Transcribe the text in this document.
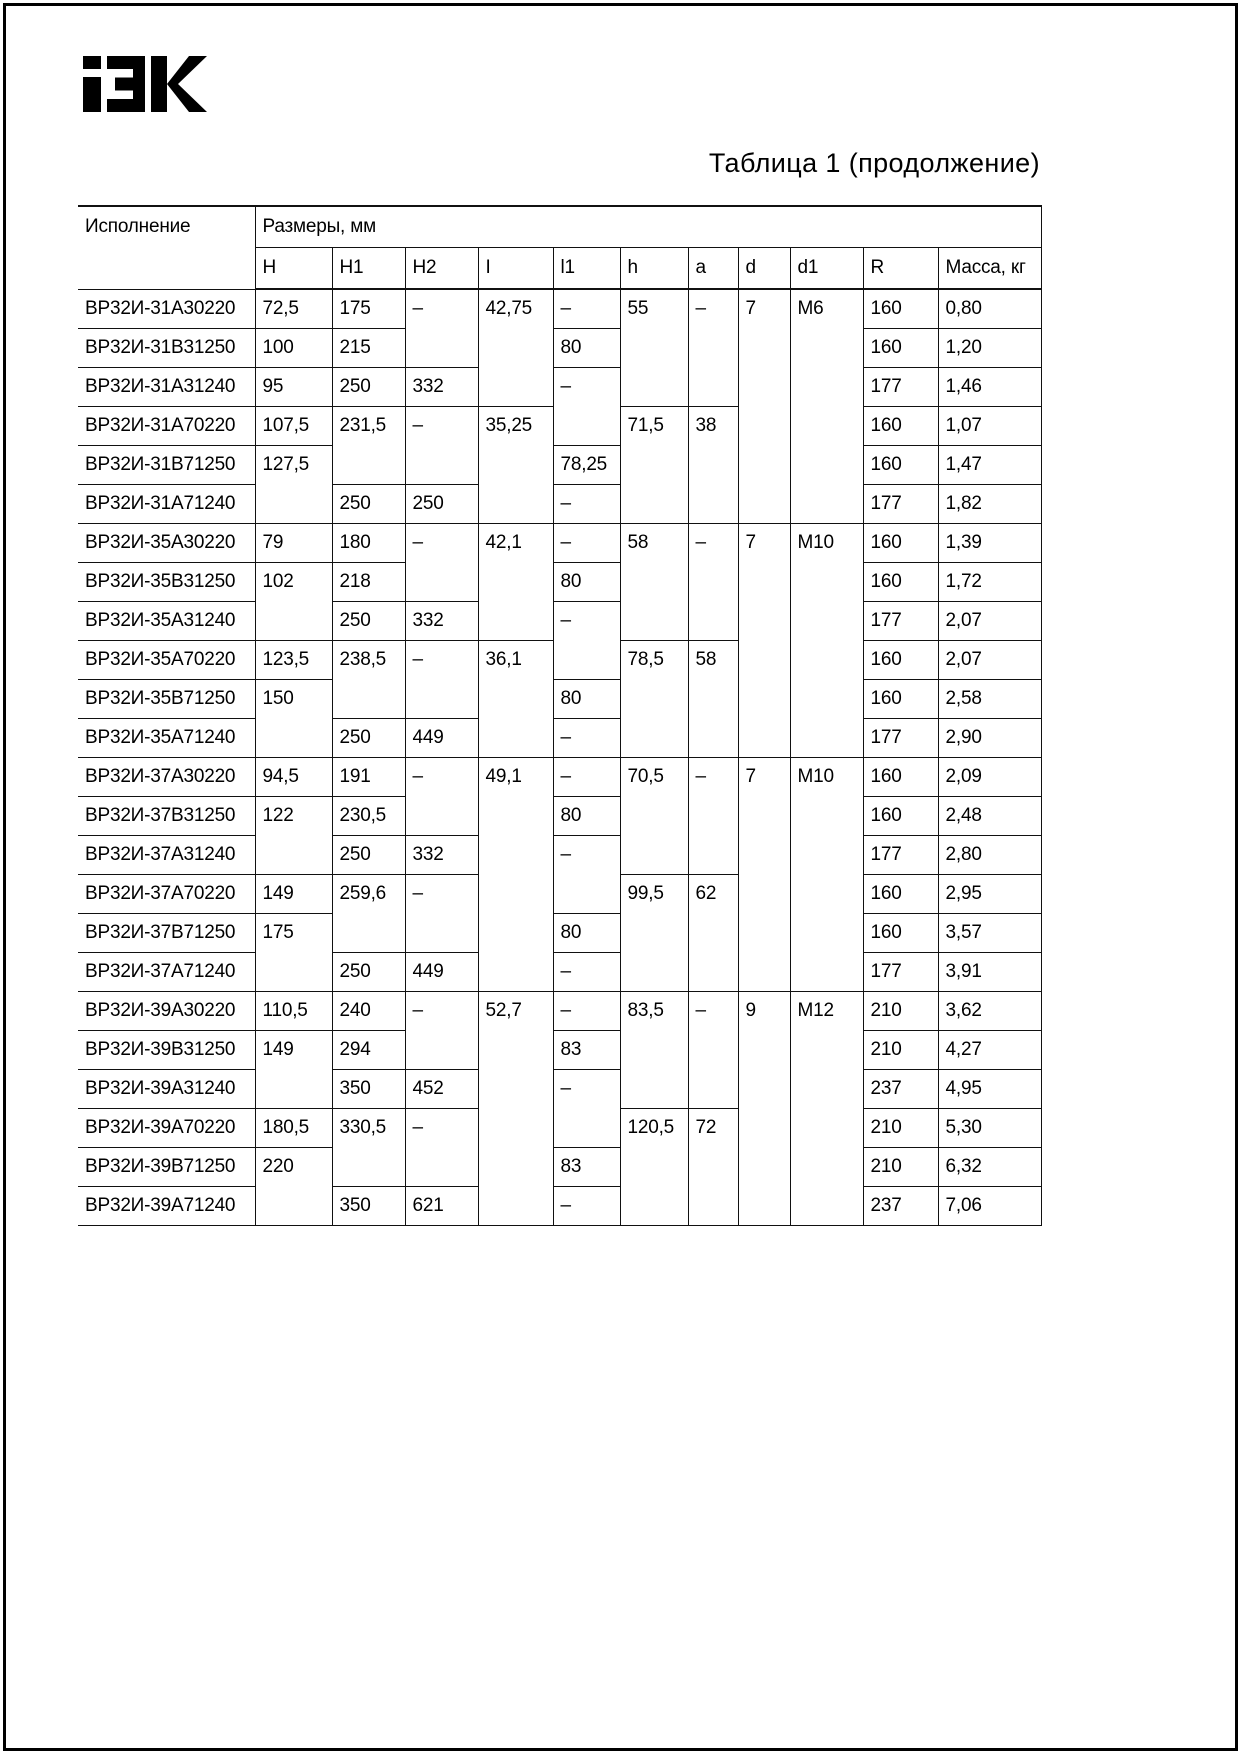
Таблица 1 (продолжение)
Исполнение	Размеры, мм										
	H	H1	H2	I	l1	h	a	d	d1	R	Масса, кг
ВР32И-31А30220	72,5	175	–	42,75	–	55	–	7	М6	160	0,80
ВР32И-31В31250	100	215			80					160	1,20
ВР32И-31А31240	95	250	332		–					177	1,46
ВР32И-31А70220	107,5	231,5	–	35,25		71,5	38			160	1,07
ВР32И-31В71250	127,5				78,25					160	1,47
ВР32И-31А71240		250	250		–					177	1,82
ВР32И-35А30220	79	180	–	42,1	–	58	–	7	М10	160	1,39
ВР32И-35В31250	102	218			80					160	1,72
ВР32И-35А31240		250	332		–					177	2,07
ВР32И-35А70220	123,5	238,5	–	36,1		78,5	58			160	2,07
ВР32И-35В71250	150				80					160	2,58
ВР32И-35А71240		250	449		–					177	2,90
ВР32И-37А30220	94,5	191	–	49,1	–	70,5	–	7	М10	160	2,09
ВР32И-37В31250	122	230,5			80					160	2,48
ВР32И-37А31240		250	332		–					177	2,80
ВР32И-37А70220	149	259,6	–			99,5	62			160	2,95
ВР32И-37В71250	175				80					160	3,57
ВР32И-37А71240		250	449		–					177	3,91
ВР32И-39А30220	110,5	240	–	52,7	–	83,5	–	9	М12	210	3,62
ВР32И-39В31250	149	294			83					210	4,27
ВР32И-39А31240		350	452		–					237	4,95
ВР32И-39А70220	180,5	330,5	–			120,5	72			210	5,30
ВР32И-39В71250	220				83					210	6,32
ВР32И-39А71240		350	621		–					237	7,06
